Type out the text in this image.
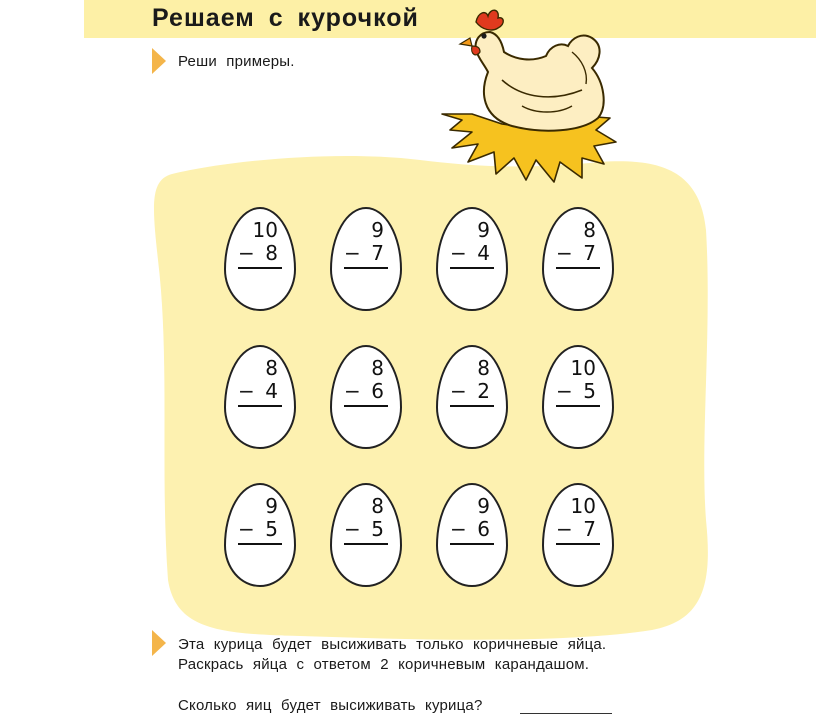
Решаем с курочкой
Реши примеры.
10
− 8
9
− 7
9
− 4
8
− 7
8
− 4
8
− 6
8
− 2
10
− 5
9
− 5
8
− 5
9
− 6
10
− 7
Эта курица будет высиживать только коричневые яйца.
Раскрась яйца с ответом 2 коричневым карандашом.
Сколько яиц будет высиживать курица?
